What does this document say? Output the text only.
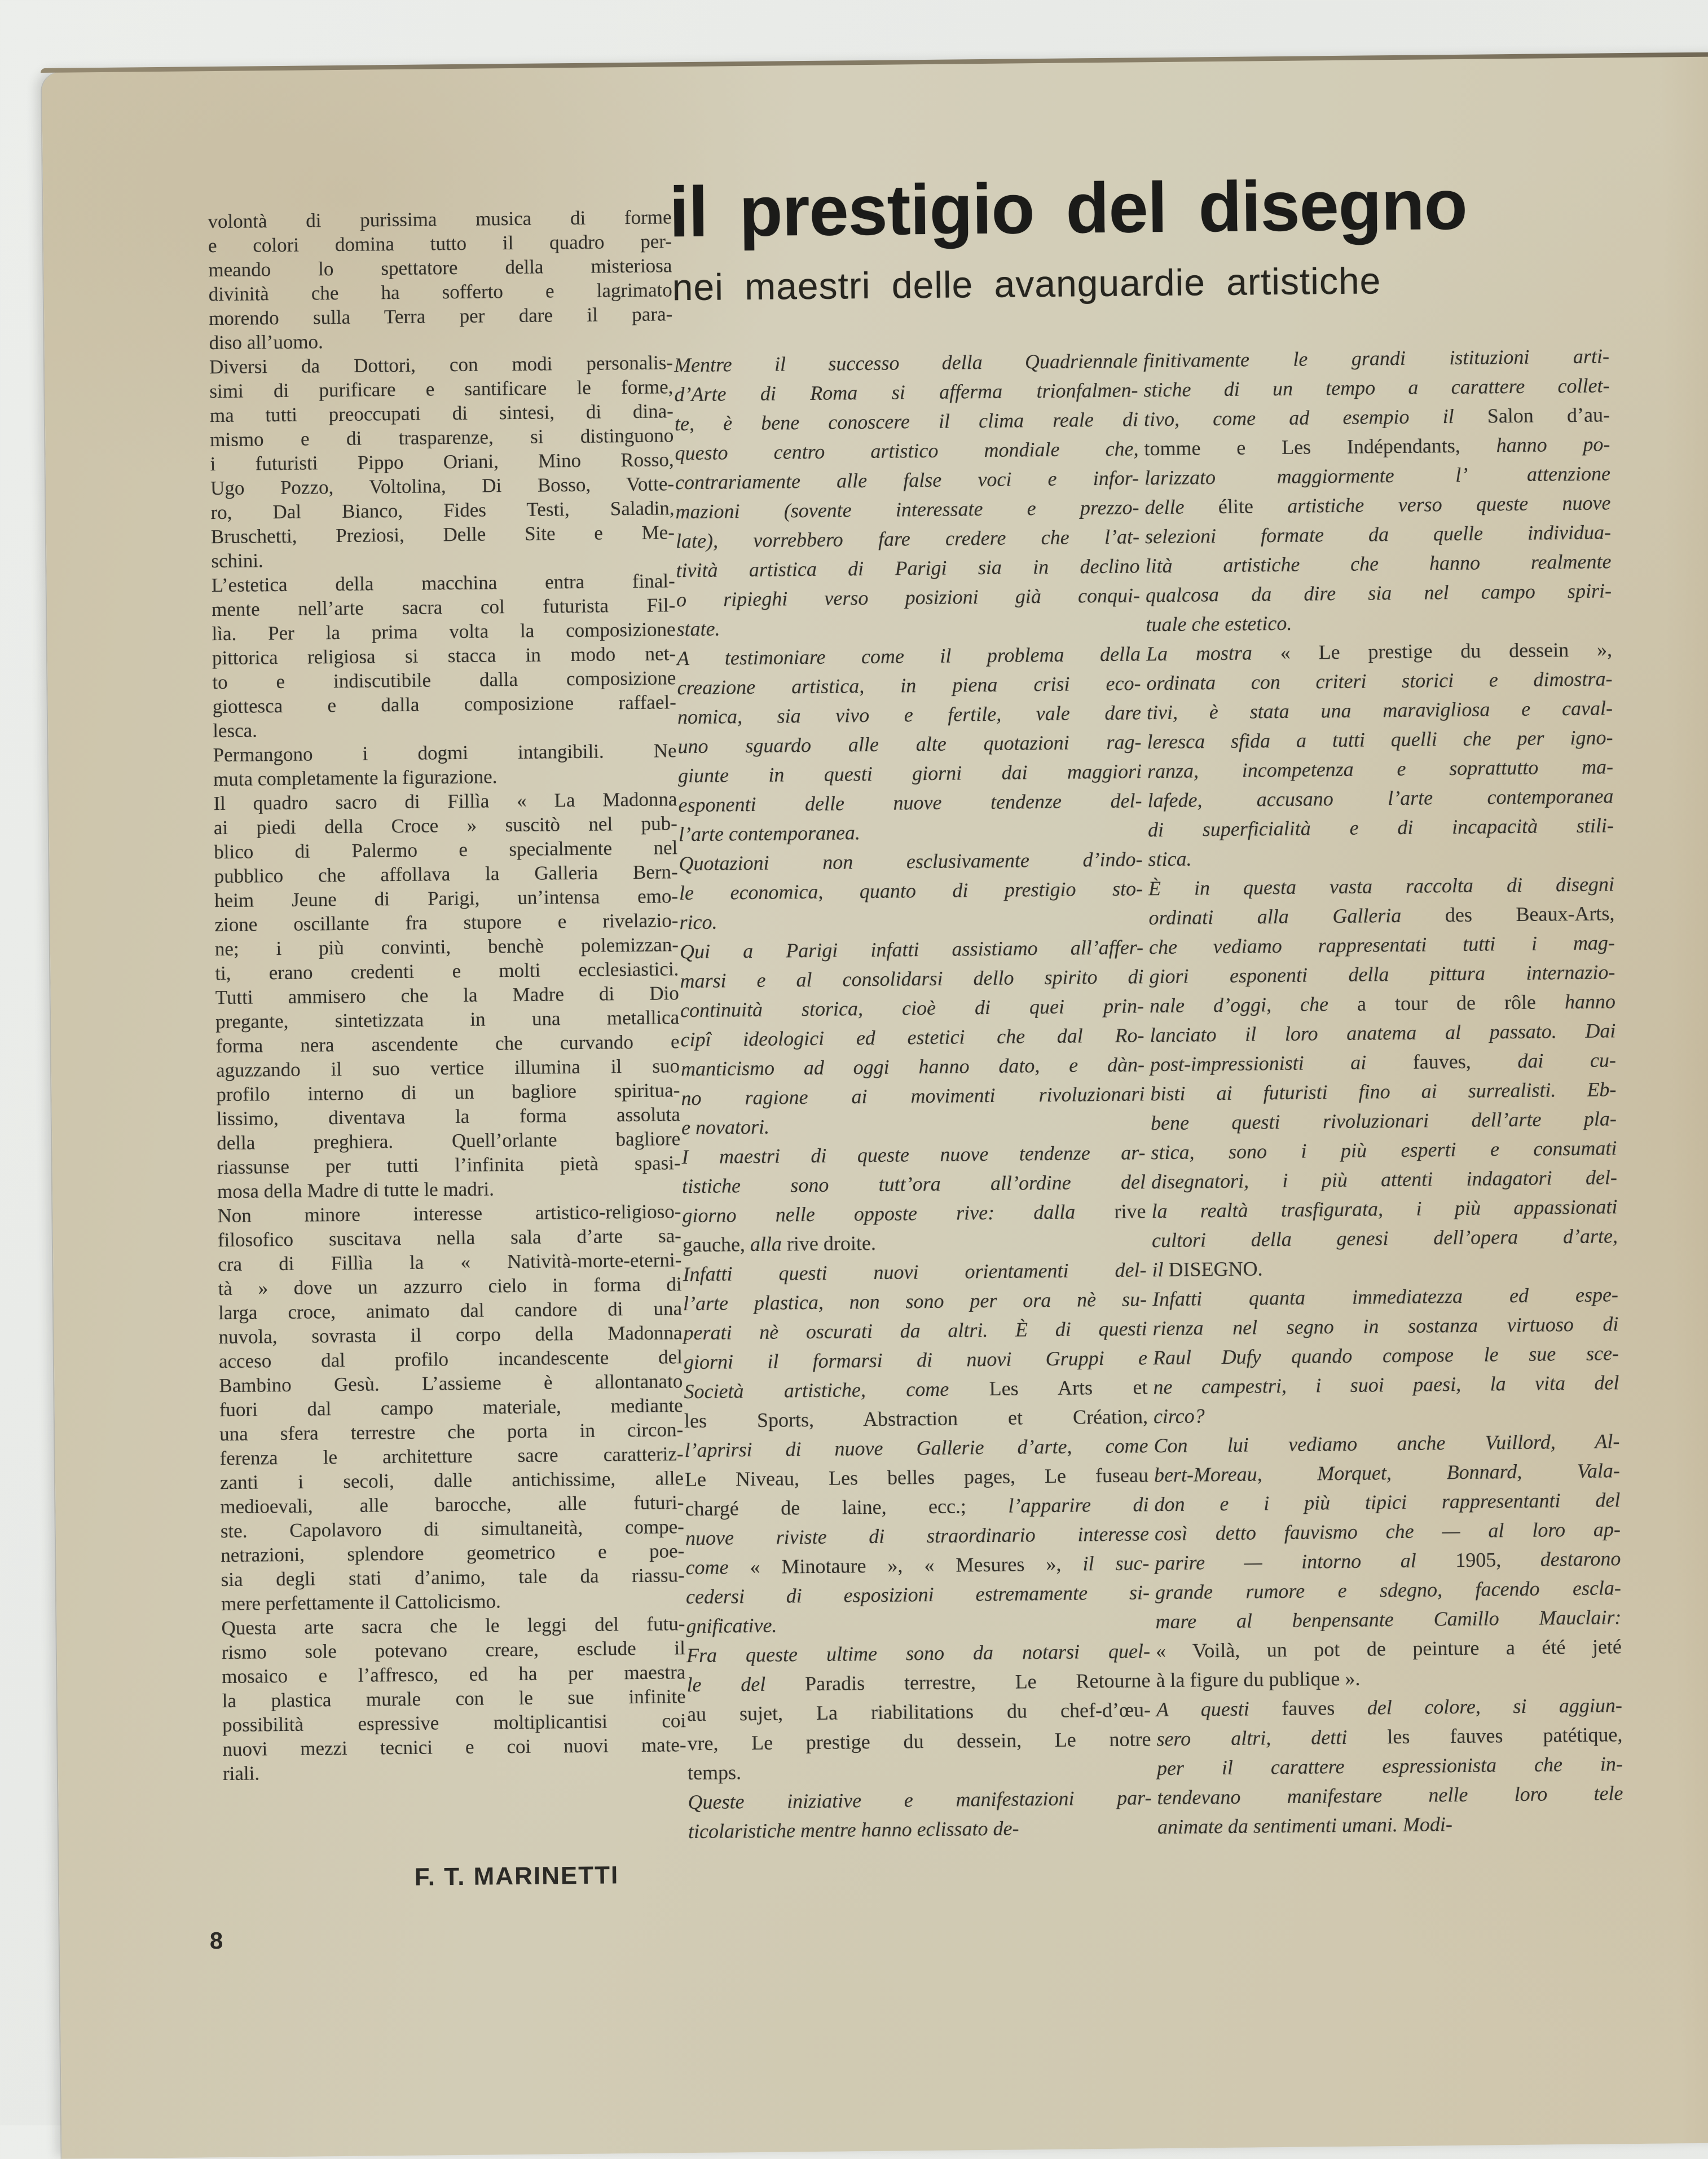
il prestigio del disegno
nei maestri delle avanguardie artistiche
volontà di purissima musica di forme
e colori domina tutto il quadro per-
meando lo spettatore della misteriosa
divinità che ha sofferto e lagrimato
morendo sulla Terra per dare il para-
diso all’uomo.
Diversi da Dottori, con modi personalis-
simi di purificare e santificare le forme,
ma tutti preoccupati di sintesi, di dina-
mismo e di trasparenze, si distinguono
i futuristi Pippo Oriani, Mino Rosso,
Ugo Pozzo, Voltolina, Di Bosso, Votte-
ro, Dal Bianco, Fides Testi, Saladin,
Bruschetti, Preziosi, Delle Site e Me-
schini.
L’estetica della macchina entra final-
mente nell’arte sacra col futurista Fil-
lìa. Per la prima volta la composizione
pittorica religiosa si stacca in modo net-
to e indiscutibile dalla composizione
giottesca e dalla composizione raffael-
lesca.
Permangono i dogmi intangibili. Ne
muta completamente la figurazione.
Il quadro sacro di Fillìa « La Madonna
ai piedi della Croce » suscitò nel pub-
blico di Palermo e specialmente nel
pubblico che affollava la Galleria Bern-
heim Jeune di Parigi, un’intensa emo-
zione oscillante fra stupore e rivelazio-
ne; i più convinti, benchè polemizzan-
ti, erano credenti e molti ecclesiastici.
Tutti ammisero che la Madre di Dio
pregante, sintetizzata in una metallica
forma nera ascendente che curvando e
aguzzando il suo vertice illumina il suo
profilo interno di un bagliore spiritua-
lissimo, diventava la forma assoluta
della preghiera. Quell’orlante bagliore
riassunse per tutti l’infinita pietà spasi-
mosa della Madre di tutte le madri.
Non minore interesse artistico-religioso-
filosofico suscitava nella sala d’arte sa-
cra di Fillìa la « Natività-morte-eterni-
tà » dove un azzurro cielo in forma di
larga croce, animato dal candore di una
nuvola, sovrasta il corpo della Madonna
acceso dal profilo incandescente del
Bambino Gesù. L’assieme è allontanato
fuori dal campo materiale, mediante
una sfera terrestre che porta in circon-
ferenza le architetture sacre caratteriz-
zanti i secoli, dalle antichissime, alle
medioevali, alle barocche, alle futuri-
ste. Capolavoro di simultaneità, compe-
netrazioni, splendore geometrico e poe-
sia degli stati d’animo, tale da riassu-
mere perfettamente il Cattolicismo.
Questa arte sacra che le leggi del futu-
rismo sole potevano creare, esclude il
mosaico e l’affresco, ed ha per maestra
la plastica murale con le sue infinite
possibilità espressive moltiplicantisi coi
nuovi mezzi tecnici e coi nuovi mate-
riali.
Mentre il successo della Quadriennale
d’Arte di Roma si afferma trionfalmen-
te, è bene conoscere il clima reale di
questo centro artistico mondiale che,
contrariamente alle false voci e infor-
mazioni (sovente interessate e prezzo-
late), vorrebbero fare credere che l’at-
tività artistica di Parigi sia in declino
o ripieghi verso posizioni già conqui-
state.
A testimoniare come il problema della
creazione artistica, in piena crisi eco-
nomica, sia vivo e fertile, vale dare
uno sguardo alle alte quotazioni rag-
giunte in questi giorni dai maggiori
esponenti delle nuove tendenze del-
l’arte contemporanea.
Quotazioni non esclusivamente d’indo-
le economica, quanto di prestigio sto-
rico.
Qui a Parigi infatti assistiamo all’affer-
marsi e al consolidarsi dello spirito di
continuità storica, cioè di quei prin-
cipî ideologici ed estetici che dal Ro-
manticismo ad oggi hanno dato, e dàn-
no ragione ai movimenti rivoluzionari
e novatori.
I maestri di queste nuove tendenze ar-
tistiche sono tutt’ora all’ordine del
giorno nelle opposte rive: dalla rive
gauche, alla rive droite.
Infatti questi nuovi orientamenti del-
l’arte plastica, non sono per ora nè su-
perati nè oscurati da altri. È di questi
giorni il formarsi di nuovi Gruppi e
Società artistiche, come Les Arts et
les Sports, Abstraction et Création,
l’aprirsi di nuove Gallerie d’arte, come
Le Niveau, Les belles pages, Le fuseau
chargé de laine, ecc.; l’apparire di
nuove riviste di straordinario interesse
come « Minotaure », « Mesures », il suc-
cedersi di esposizioni estremamente si-
gnificative.
Fra queste ultime sono da notarsi quel-
le del Paradis terrestre, Le Retourne
au sujet, La riabilitations du chef-d’œu-
vre, Le prestige du dessein, Le notre
temps.
Queste iniziative e manifestazioni par-
ticolaristiche mentre hanno eclissato de-
finitivamente le grandi istituzioni arti-
stiche di un tempo a carattere collet-
tivo, come ad esempio il Salon d’au-
tomme e Les Indépendants, hanno po-
larizzato maggiormente l’ attenzione
delle élite artistiche verso queste nuove
selezioni formate da quelle individua-
lità artistiche che hanno realmente
qualcosa da dire sia nel campo spiri-
tuale che estetico.
La mostra « Le prestige du dessein »,
ordinata con criteri storici e dimostra-
tivi, è stata una maravigliosa e caval-
leresca sfida a tutti quelli che per igno-
ranza, incompetenza e soprattutto ma-
lafede, accusano l’arte contemporanea
di superficialità e di incapacità stili-
stica.
È in questa vasta raccolta di disegni
ordinati alla Galleria des Beaux-Arts,
che vediamo rappresentati tutti i mag-
giori esponenti della pittura internazio-
nale d’oggi, che a tour de rôle hanno
lanciato il loro anatema al passato. Dai
post-impressionisti ai fauves, dai cu-
bisti ai futuristi fino ai surrealisti. Eb-
bene questi rivoluzionari dell’arte pla-
stica, sono i più esperti e consumati
disegnatori, i più attenti indagatori del-
la realtà trasfigurata, i più appassionati
cultori della genesi dell’opera d’arte,
il DISEGNO.
Infatti quanta immediatezza ed espe-
rienza nel segno in sostanza virtuoso di
Raul Dufy quando compose le sue sce-
ne campestri, i suoi paesi, la vita del
circo?
Con lui vediamo anche Vuillord, Al-
bert-Moreau, Morquet, Bonnard, Vala-
don e i più tipici rappresentanti del
così detto fauvismo che — al loro ap-
parire — intorno al 1905, destarono
grande rumore e sdegno, facendo escla-
mare al benpensante Camillo Mauclair:
« Voilà, un pot de peinture a été jeté
à la figure du publique ».
A questi fauves del colore, si aggiun-
sero altri, detti les fauves patétique,
per il carattere espressionista che in-
tendevano manifestare nelle loro tele
animate da sentimenti umani. Modi-
F. T. MARINETTI
8
